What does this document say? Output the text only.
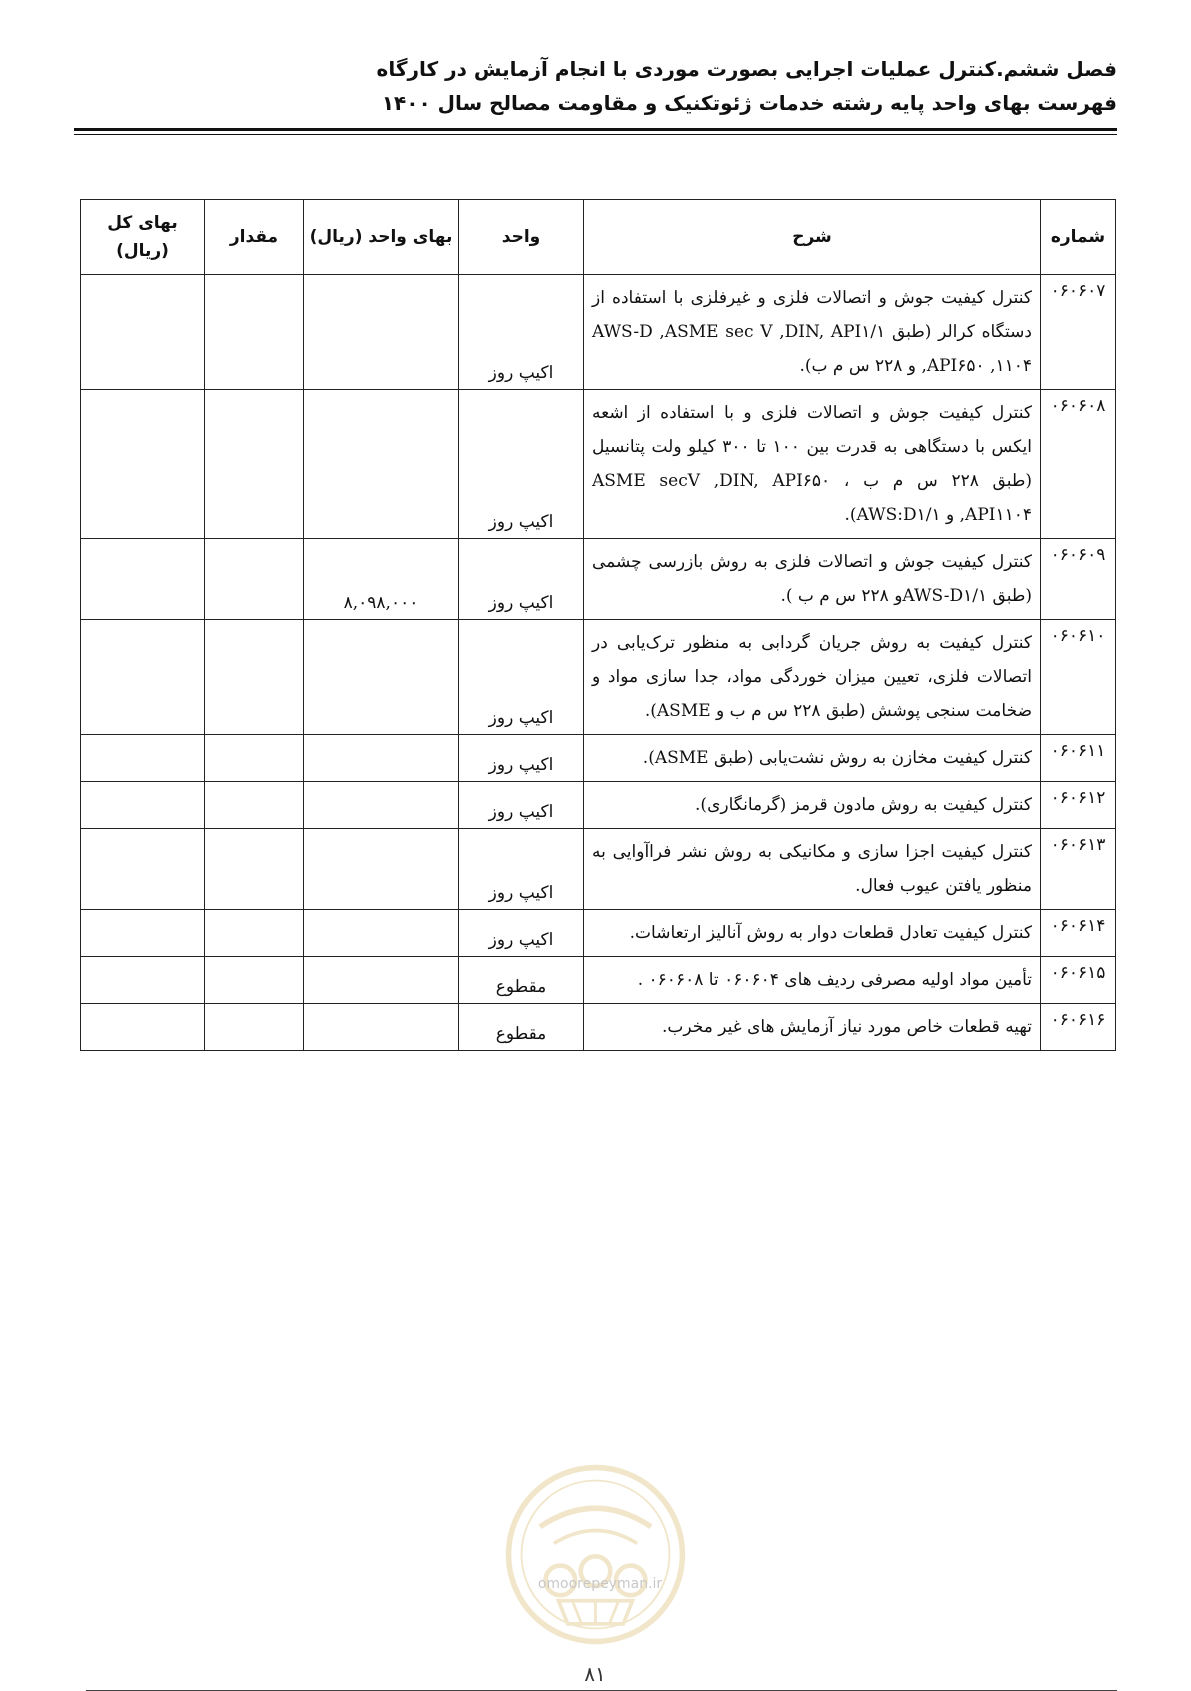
فصل ششم.کنترل عملیات اجرایی بصورت موردی با انجام آزمایش در کارگاه
فهرست بهای واحد پایه رشته خدمات ژئوتکنیک و مقاومت مصالح سال ۱۴۰۰
شماره	شرح	واحد	بهای واحد (ریال)	مقدار	بهای کل (ریال)
۰۶۰۶۰۷	کنترل کیفیت جوش و اتصالات فلزی و غیرفلزی با استفاده از دستگاه کرالر (طبق AWS-D ,ASME sec V ,DIN, API۱/۱ ,API۶۵۰ ,۱۱۰۴ و ۲۲۸ س م ب).	اکیپ روز			
۰۶۰۶۰۸	کنترل کیفیت جوش و اتصالات فلزی و با استفاده از اشعه ایکس با دستگاهی به قدرت بین ۱۰۰ تا ۳۰۰ کیلو ولت پتانسیل (طبق ۲۲۸ س م ب ، ASME secV ,DIN, API۶۵۰ ,API۱۱۰۴ و AWS:D۱/۱).	اکیپ روز			
۰۶۰۶۰۹	کنترل کیفیت جوش و اتصالات فلزی به روش بازرسی چشمی (طبق AWS-D۱/۱و ۲۲۸ س م ب ).	اکیپ روز	۸,۰۹۸,۰۰۰		
۰۶۰۶۱۰	کنترل کیفیت به روش جریان گردابی به منظور ترک‌یابی در اتصالات فلزی، تعیین میزان خوردگی مواد، جدا سازی مواد و ضخامت سنجی پوشش (طبق ۲۲۸ س م ب و ASME).	اکیپ روز			
۰۶۰۶۱۱	کنترل کیفیت مخازن به روش نشت‌یابی (طبق ASME).	اکیپ روز			
۰۶۰۶۱۲	کنترل کیفیت به روش مادون قرمز (گرمانگاری).	اکیپ روز			
۰۶۰۶۱۳	کنترل کیفیت اجزا سازی و مکانیکی به روش نشر فراآوایی به منظور یافتن عیوب فعال.	اکیپ روز			
۰۶۰۶۱۴	کنترل کیفیت تعادل قطعات دوار به روش آنالیز ارتعاشات.	اکیپ روز			
۰۶۰۶۱۵	تأمین مواد اولیه مصرفی ردیف های ۰۶۰۶۰۴ تا ۰۶۰۶۰۸ .	مقطوع			
۰۶۰۶۱۶	تهیه قطعات خاص مورد نیاز آزمایش های غیر مخرب.	مقطوع			
omoorepeyman.ir
۸۱
